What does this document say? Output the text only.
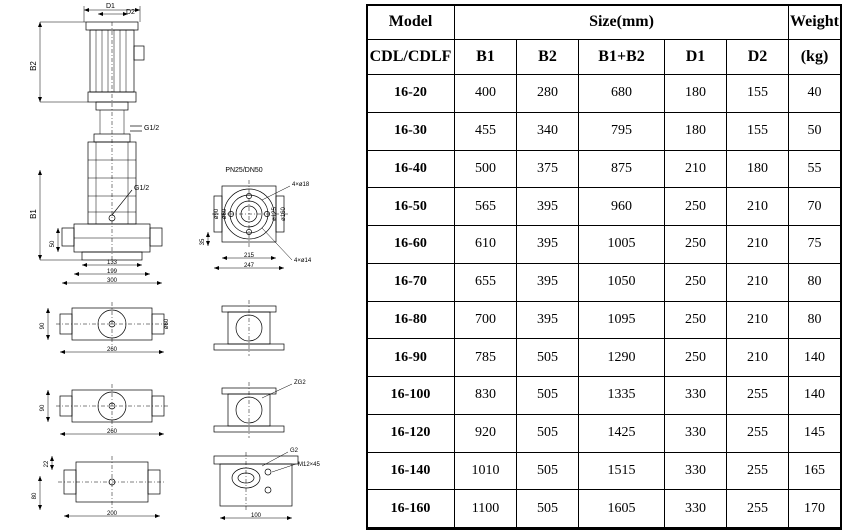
D1
D2
G1/2
G1/2
B2
B1
50
133
199
300
PN25/DN50
4×ø18
4×ø14
ø60
ø90	ø125 ø160
35
215
247
ø60
90
260
90
260
22
80
200
ZG2
G2
M12×45
100
Model	Size(mm)					Weight
CDL/CDLF	B1	B2	B1+B2	D1	D2	(kg)
16-20	400	280	680	180	155	40
16-30	455	340	795	180	155	50
16-40	500	375	875	210	180	55
16-50	565	395	960	250	210	70
16-60	610	395	1005	250	210	75
16-70	655	395	1050	250	210	80
16-80	700	395	1095	250	210	80
16-90	785	505	1290	250	210	140
16-100	830	505	1335	330	255	140
16-120	920	505	1425	330	255	145
16-140	1010	505	1515	330	255	165
16-160	1100	505	1605	330	255	170
